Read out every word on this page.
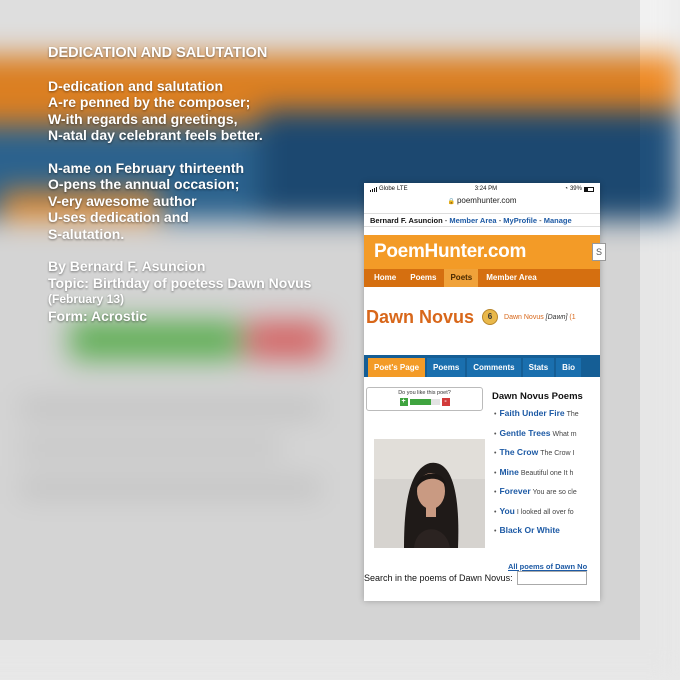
DEDICATION AND SALUTATION
D-edication and salutation
A-re penned by the composer;
W-ith regards and greetings,
N-atal day celebrant feels better.
N-ame on February thirteenth
O-pens the annual occasion;
V-ery awesome author
U-ses dedication and
S-alutation.
By Bernard F. Asuncion
Topic: Birthday of poetess Dawn Novus
(February 13)
Form: Acrostic
Globe LTE	3:24 PM	◔ 39%
🔒 poemhunter.com
Bernard F. Asuncion - Member Area - MyProfile - Manage
PoemHunter.com	S
Home	Poems	Poets	Member Area
Dawn Novus	6	Dawn Novus [Dawn] (1
Poet's Page	Poems	Comments	Stats	Bio
Do you like this poet?
+	-	Dawn Novus Poems
• Faith Under Fire The
• Gentle Trees What m
• The Crow The Crow I
• Mine Beautiful one It h
• Forever You are so cle
• You I looked all over fo
• Black Or White
All poems of Dawn No
Search in the poems of Dawn Novus:
